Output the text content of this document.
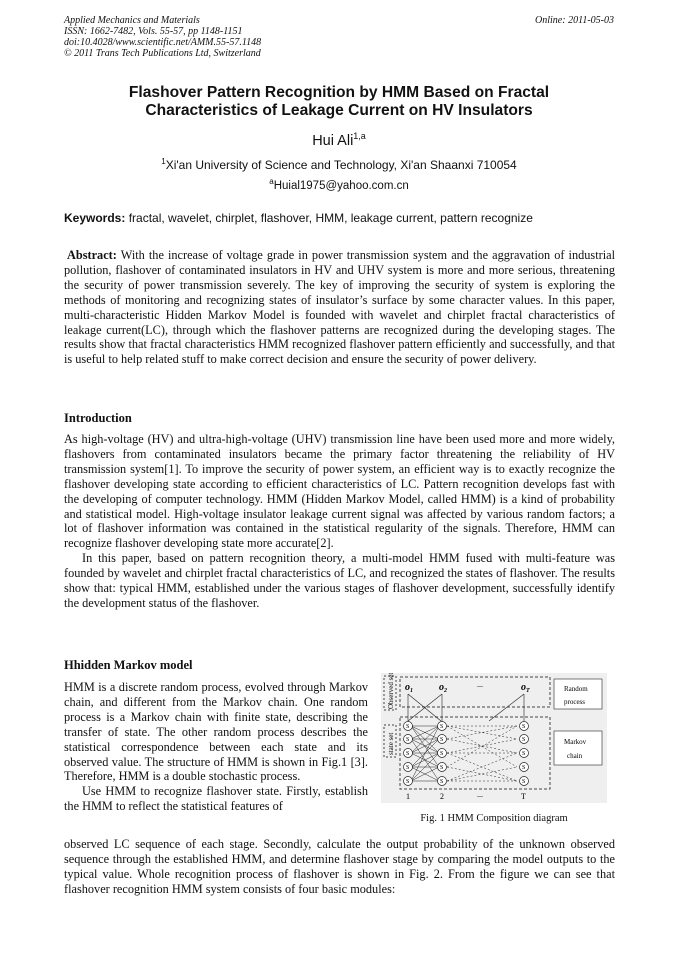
Applied Mechanics and Materials
ISSN: 1662-7482, Vols. 55-57, pp 1148-1151
doi:10.4028/www.scientific.net/AMM.55-57.1148
© 2011 Trans Tech Publications Ltd, Switzerland
Online: 2011-05-03
Flashover Pattern Recognition by HMM Based on Fractal
Characteristics of Leakage Current on HV Insulators
Hui Ali$^{1,a}$
$^1$Xi'an University of Science and Technology, Xi'an Shaanxi 710054
$^a$Huial1975@yahoo.com.cn
Keywords: fractal, wavelet, chirplet, flashover, HMM, leakage current, pattern recognize

Abstract: With the increase of voltage grade in power transmission system and the aggravation of industrial pollution, flashover of contaminated insulators in HV and UHV system is more and more serious, threatening the security of power transmission severely. The key of improving the security of system is exploring the methods of monitoring and recognizing states of insulator’s surface by some character values. In this paper, multi-characteristic Hidden Markov Model is founded with wavelet and chirplet fractal characteristics of leakage current(LC), through which the flashover patterns are recognized during the developing stages. The results show that fractal characteristics HMM recognized flashover pattern efficiently and successfully, and that is useful to help related stuff to make correct decision and ensure the security of power delivery.

Introduction

As high-voltage (HV) and ultra-high-voltage (UHV) transmission line have been used more and more widely, flashovers from contaminated insulators became the primary factor threatening the reliability of HV transmission system[1]. To improve the security of power system, an efficient way is to exactly recognize the flashover developing state according to efficient characteristics of LC. Pattern recognition develops fast with the developing of computer technology. HMM (Hidden Markov Model, called HMM) is a kind of probability and statistical model. High-voltage insulator leakage current signal was affected by various random factors; a lot of flashover information was contained in the statistical regularity of the signals. Therefore, HMM can recognize flashover developing state more accurate[2].

In this paper, based on pattern recognition theory, a multi-model HMM fused with multi-feature was founded by wavelet and chirplet fractal characteristics of LC, and recognized the states of flashover. The results show that: typical HMM, established under the various stages of flashover development, successfully identify the development status of the flashover.

Hhidden Markov model

HMM is a discrete random process, evolved through Markov chain, and different from the Markov chain. One random process is a Markov chain with finite state, describing the transfer of state. The other random process describes the statistical correspondence between each state and its observed value. The structure of HMM is shown in Fig.1 [3]. Therefore, HMM is a double stochastic process.

Use HMM to recognize flashover state. Firstly, establish the HMM to reflect the statistical features of

observed LC sequence of each stage. Secondly, calculate the output probability of the unknown observed sequence through the established HMM, and determine flashover stage by comparing the model outputs to the typical value. Whole recognition process of flashover is shown in Fig. 2. From the figure we can see that flashover recognition HMM system consists of four basic modules:

Observed set
state set
$o_1$	$o_2$
...	$o_T$
S
S
S
S
S
S
S
S
S
S
S
S
S
S
S
1	2	...	T
Random
process
Markov
chain
Fig. 1 HMM Composition diagram
